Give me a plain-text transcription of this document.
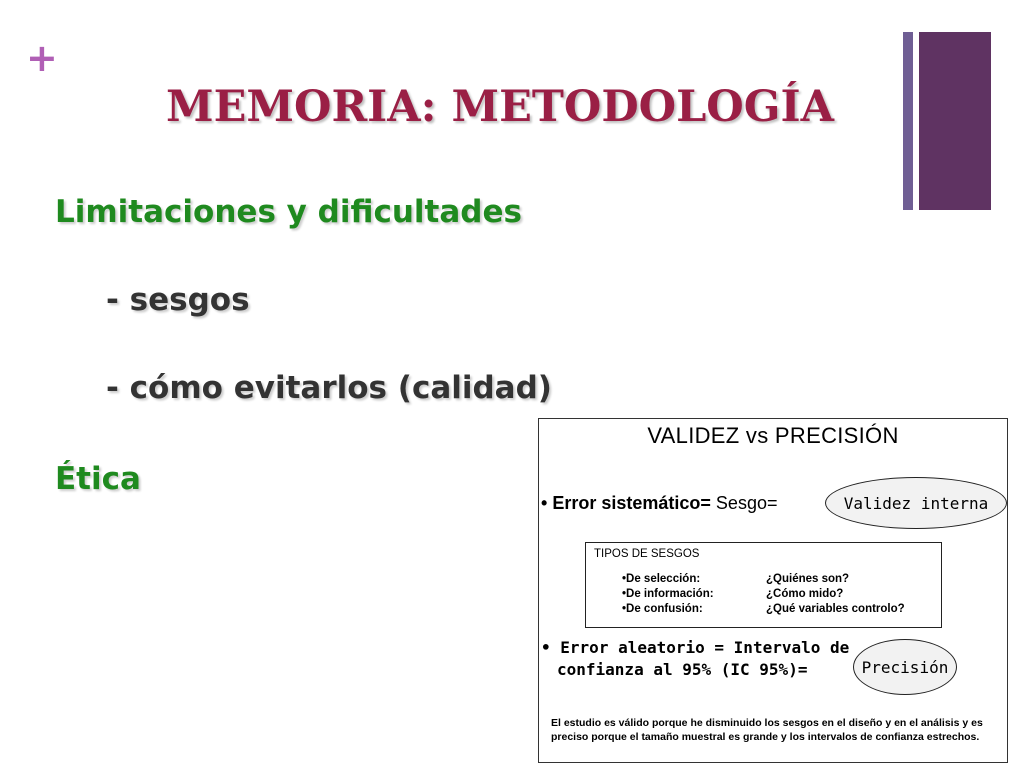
+
MEMORIA: METODOLOGÍA
Limitaciones y dificultades
- sesgos
- cómo evitarlos (calidad)
Ética
VALIDEZ vs PRECISIÓN
• Error sistemático= Sesgo=	Validez interna
TIPOS DE SESGOS
•De selección:	¿Quiénes son?
•De información:	¿Cómo mido?
•De confusión:	¿Qué variables controlo?
• Error aleatorio = Intervalo de
confianza al 95% (IC 95%)=	Precisión
El estudio es válido porque he disminuido los sesgos en el diseño y en el análisis y es preciso porque el tamaño muestral es grande y los intervalos de confianza estrechos.
